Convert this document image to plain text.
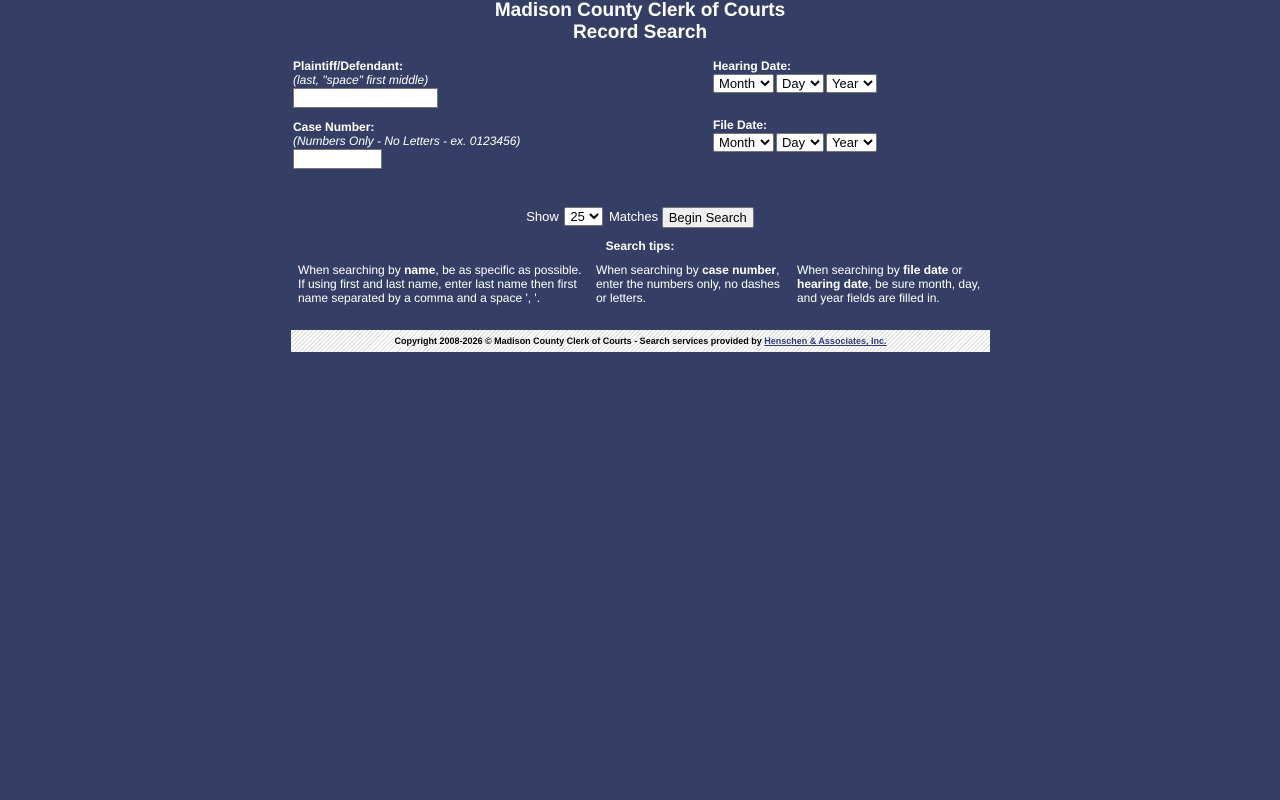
Madison County Clerk of Courts
Record Search
Plaintiff/Defendant:
(last, "space" first middle)
Case Number:
(Numbers Only - No Letters - ex. 0123456)
Hearing Date:
Month
Day
Year
File Date:
Month
Day
Year
Show
25	Matches Begin Search
Search tips:
When searching by name, be as specific as possible. If using first and last name, enter last name then first name separated by a comma and a space ', '.
When searching by case number, enter the numbers only, no dashes or letters.
When searching by file date or hearing date, be sure month, day, and year fields are filled in.
Copyright 2008-2026 © Madison County Clerk of Courts - Search services provided by Henschen & Associates, Inc.
